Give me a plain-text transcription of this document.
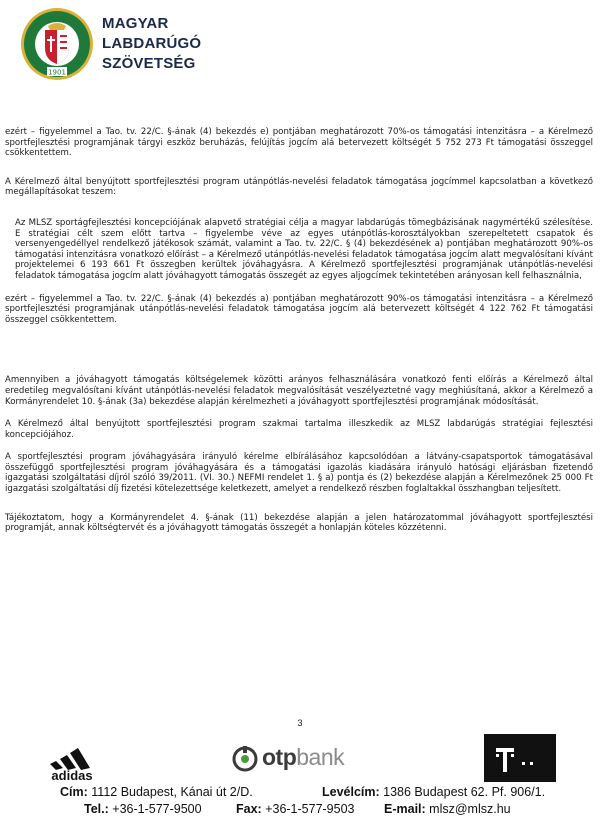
1901
MAGYAR
LABDARÚGÓ
SZÖVETSÉG

ezért – figyelemmel a Tao. tv. 22/C. §-ának (4) bekezdés e) pontjában meghatározott 70%-os támogatási intenzitásra – a Kérelmező sportfejlesztési programjának tárgyi eszköz beruházás, felújítás jogcím alá betervezett költségét 5 752 273 Ft támogatási összeggel csökkentettem.

A Kérelmező által benyújtott sportfejlesztési program utánpótlás-nevelési feladatok támogatása jogcímmel kapcsolatban a következő megállapításokat teszem:

Az MLSZ sportágfejlesztési koncepciójának alapvető stratégiai célja a magyar labdarúgás tömegbázisának nagymértékű szélesítése. E stratégiai célt szem előtt tartva – figyelembe véve az egyes utánpótlás-korosztályokban szerepeltetett csapatok és versenyengedéllyel rendelkező játékosok számát, valamint a Tao. tv. 22/C. § (4) bekezdésének a) pontjában meghatározott 90%-os támogatási intenzitásra vonatkozó előírást – a Kérelmező utánpótlás-nevelési feladatok támogatása jogcím alatt megvalósítani kívánt projektelemei 6 193 661 Ft összegben kerültek jóváhagyásra. A Kérelmező sportfejlesztési programjának utánpótlás-nevelési feladatok támogatása jogcím alatt jóváhagyott támogatás összegét az egyes aljogcímek tekintetében arányosan kell felhasználnia,

ezért – figyelemmel a Tao. tv. 22/C. §-ának (4) bekezdés a) pontjában meghatározott 90%-os támogatási intenzitásra – a Kérelmező sportfejlesztési programjának utánpótlás-nevelési feladatok támogatása jogcím alá betervezett költségét 4 122 762 Ft támogatási összeggel csökkentettem.

Amennyiben a jóváhagyott támogatás költségelemek közötti arányos felhasználására vonatkozó fenti előírás a Kérelmező által eredetileg megvalósítani kívánt utánpótlás-nevelési feladatok megvalósítását veszélyeztetné vagy meghiúsítaná, akkor a Kérelmező a Kormányrendelet 10. §-ának (3a) bekezdése alapján kérelmezheti a jóváhagyott sportfejlesztési programjának módosítását.

A Kérelmező által benyújtott sportfejlesztési program szakmai tartalma illeszkedik az MLSZ labdarúgás stratégiai fejlesztési koncepciójához.

A sportfejlesztési program jóváhagyására irányuló kérelme elbírálásához kapcsolódóan a látvány-csapatsportok támogatásával összefüggő sportfejlesztési program jóváhagyására és a támogatási igazolás kiadására irányuló hatósági eljárásban fizetendő igazgatási szolgáltatási díjról szóló 39/2011. (VI. 30.) NEFMI rendelet 1. § a) pontja és (2) bekezdése alapján a Kérelmezőnek 25 000 Ft igazgatási szolgáltatási díj fizetési kötelezettsége keletkezett, amelyet a rendelkező részben foglaltakkal összhangban teljesített.

Tájékoztatom, hogy a Kormányrendelet 4. §-ának (11) bekezdése alapján a jelen határozatommal jóváhagyott sportfejlesztési programját, annak költségtervét és a jóváhagyott támogatás összegét a honlapján köteles közzétenni.

3
adidas
otpbank
Cím: 1112 Budapest, Kánai út 2/D.	Levélcím: 1386 Budapest 62. Pf. 906/1.
Tel.: +36-1-577-9500	Fax: +36-1-577-9503 E-mail: mlsz@mlsz.hu
